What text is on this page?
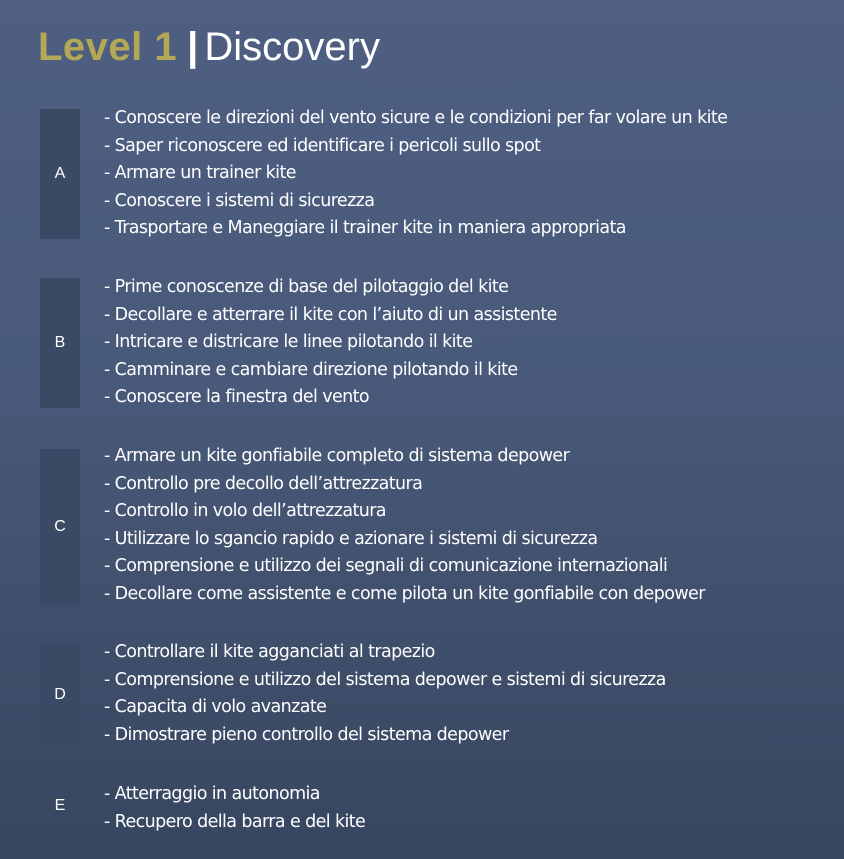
Level 1 | Discovery
A
- Conoscere le direzioni del vento sicure e le condizioni per far volare un kite
- Saper riconoscere ed identificare i pericoli sullo spot
- Armare un trainer kite
- Conoscere i sistemi di sicurezza
- Trasportare e Maneggiare il trainer kite in maniera appropriata
B
- Prime conoscenze di base del pilotaggio del kite
- Decollare e atterrare il kite con l’aiuto di un assistente
- Intricare e districare le linee pilotando il kite
- Camminare e cambiare direzione pilotando il kite
- Conoscere la finestra del vento
C
- Armare un kite gonfiabile completo di sistema depower
- Controllo pre decollo dell’attrezzatura
- Controllo in volo dell’attrezzatura
- Utilizzare lo sgancio rapido e azionare i sistemi di sicurezza
- Comprensione e utilizzo dei segnali di comunicazione internazionali
- Decollare come assistente e come pilota un kite gonfiabile con depower
D
- Controllare il kite agganciati al trapezio
- Comprensione e utilizzo del sistema depower e sistemi di sicurezza
- Capacita di volo avanzate
- Dimostrare pieno controllo del sistema depower
E
- Atterraggio in autonomia
- Recupero della barra e del kite
